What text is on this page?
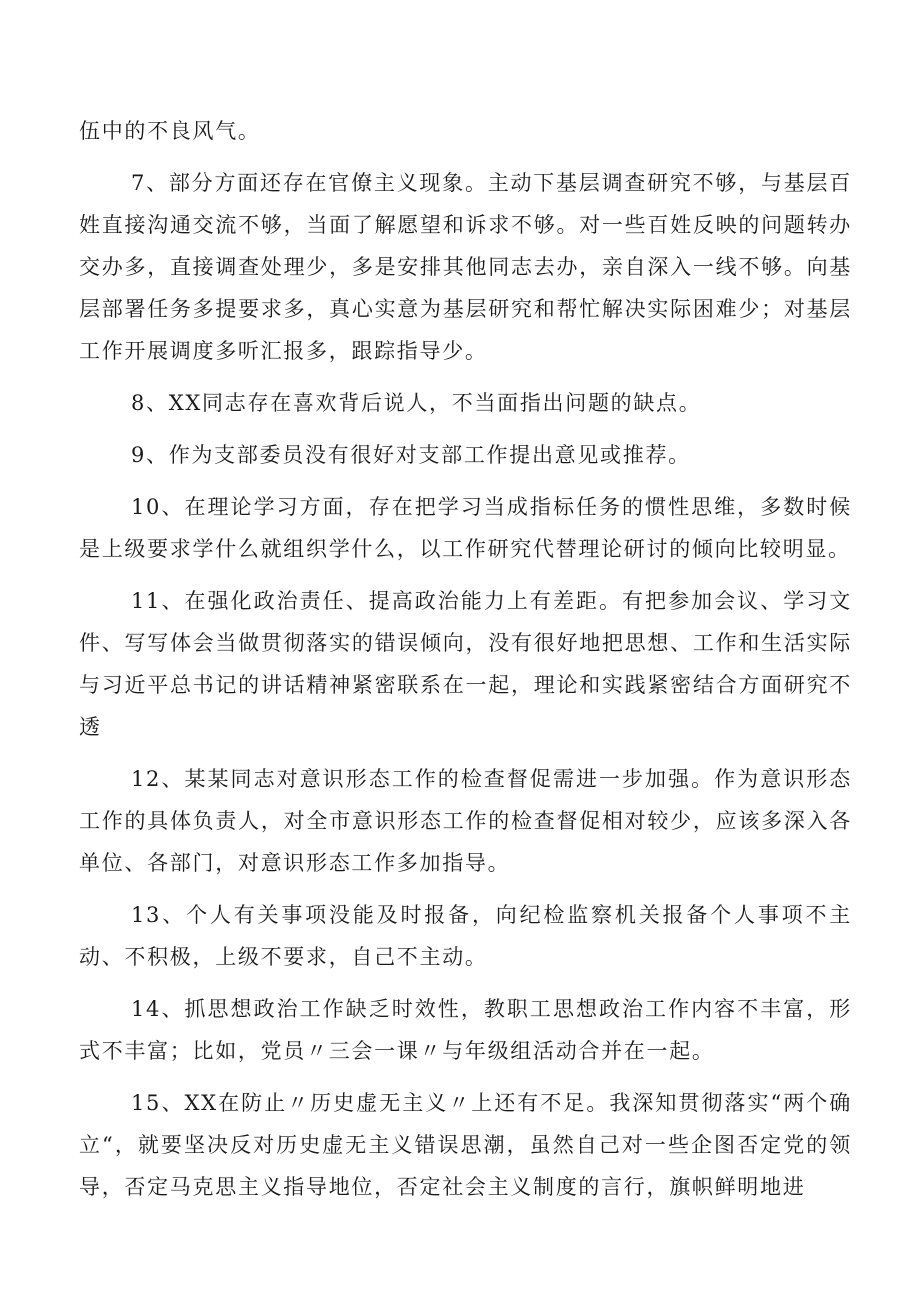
伍中的不良风气。

7、部分方面还存在官僚主义现象。主动下基层调查研究不够，与基层百姓直接沟通交流不够，当面了解愿望和诉求不够。对一些百姓反映的问题转办交办多，直接调查处理少，多是安排其他同志去办，亲自深入一线不够。向基层部署任务多提要求多，真心实意为基层研究和帮忙解决实际困难少；对基层工作开展调度多听汇报多，跟踪指导少。

8、XX同志存在喜欢背后说人，不当面指出问题的缺点。

9、作为支部委员没有很好对支部工作提出意见或推荐。

10、在理论学习方面，存在把学习当成指标任务的惯性思维，多数时候是上级要求学什么就组织学什么，以工作研究代替理论研讨的倾向比较明显。

11、在强化政治责任、提高政治能力上有差距。有把参加会议、学习文件、写写体会当做贯彻落实的错误倾向，没有很好地把思想、工作和生活实际与习近平总书记的讲话精神紧密联系在一起，理论和实践紧密结合方面研究不透

12、某某同志对意识形态工作的检查督促需进一步加强。作为意识形态工作的具体负责人，对全市意识形态工作的检查督促相对较少，应该多深入各单位、各部门，对意识形态工作多加指导。

13、个人有关事项没能及时报备，向纪检监察机关报备个人事项不主动、不积极，上级不要求，自己不主动。

14、抓思想政治工作缺乏时效性，教职工思想政治工作内容不丰富，形式不丰富；比如，党员〃三会一课〃与年级组活动合并在一起。

15、XX在防止〃历史虚无主义〃上还有不足。我深知贯彻落实“两个确立“，就要坚决反对历史虚无主义错误思潮，虽然自己对一些企图否定党的领导，否定马克思主义指导地位，否定社会主义制度的言行，旗帜鲜明地进
